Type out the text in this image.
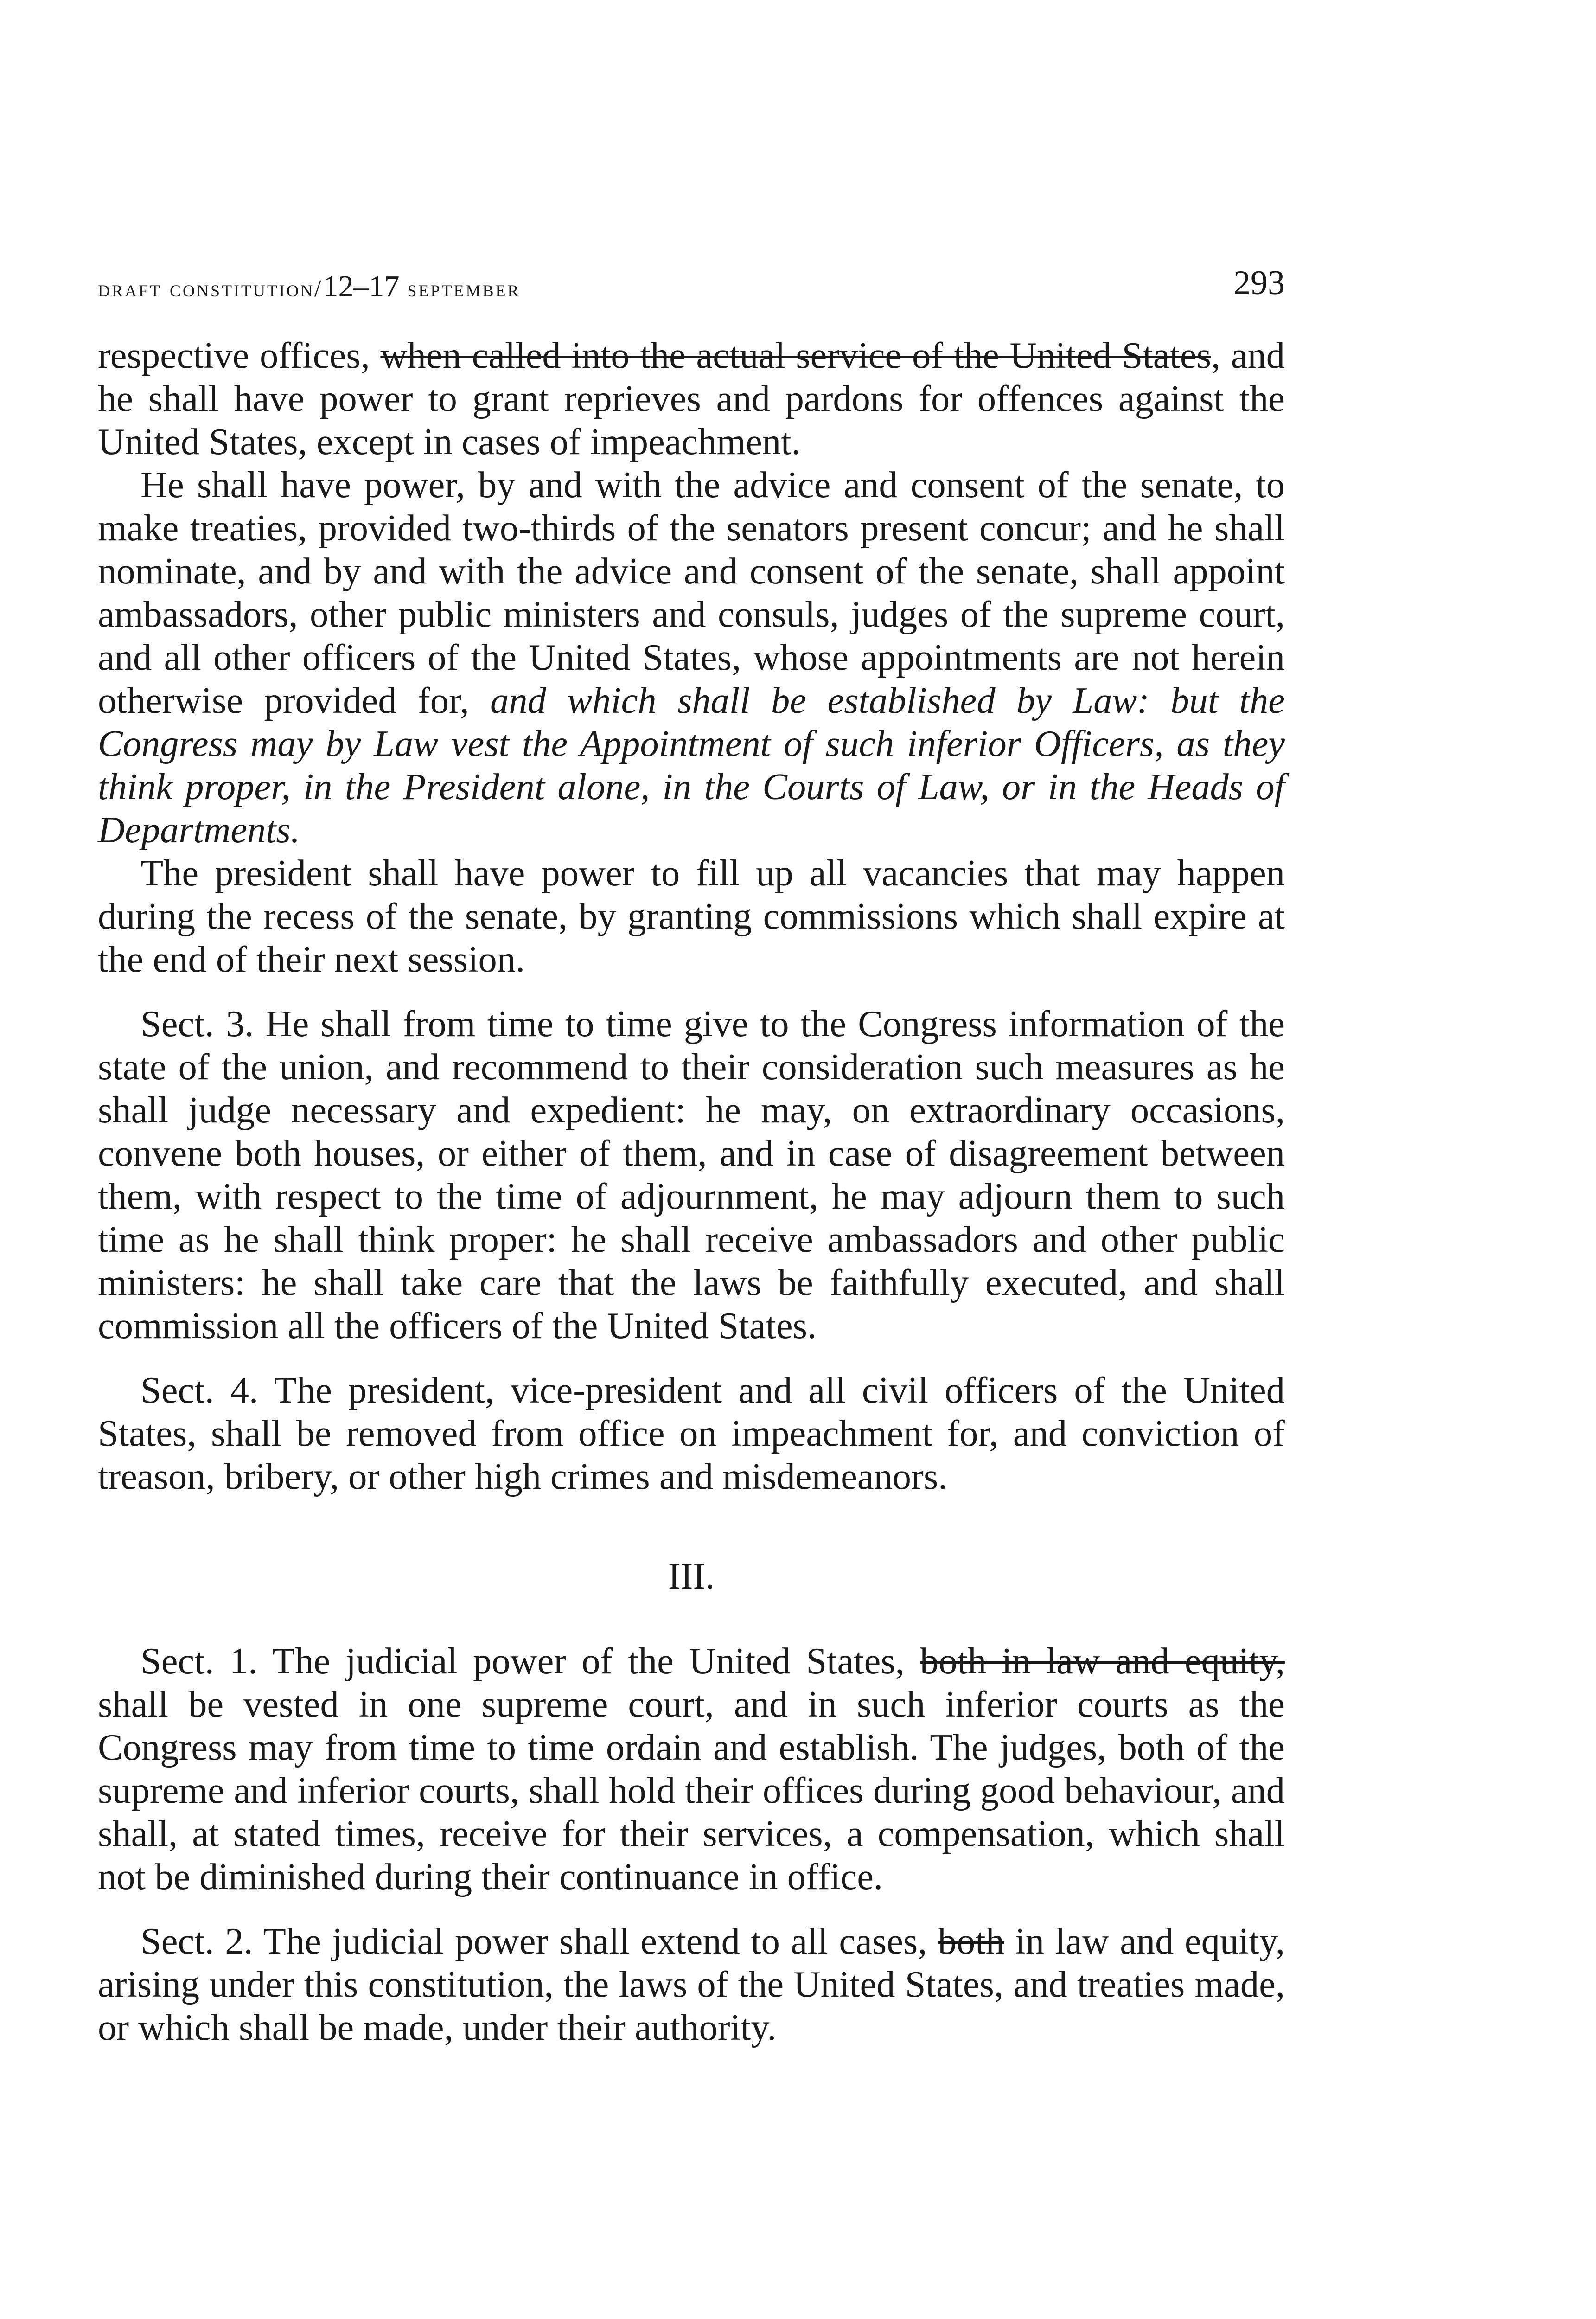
draft constitution/12–17 september	293

respective offices, when called into the actual service of the United States, and he shall have power to grant reprieves and pardons for offences against the United States, except in cases of impeachment.

He shall have power, by and with the advice and consent of the senate, to make treaties, provided two-thirds of the senators present concur; and he shall nominate, and by and with the advice and consent of the senate, shall appoint ambassadors, other public ministers and consuls, judges of the supreme court, and all other officers of the United States, whose appointments are not herein otherwise provided for, and which shall be established by Law: but the Congress may by Law vest the Appointment of such inferior Officers, as they think proper, in the President alone, in the Courts of Law, or in the Heads of Departments.

The president shall have power to fill up all vacancies that may happen during the recess of the senate, by granting commissions which shall expire at the end of their next session.

Sect. 3. He shall from time to time give to the Congress information of the state of the union, and recommend to their consideration such measures as he shall judge necessary and expedient: he may, on extraordinary occasions, convene both houses, or either of them, and in case of disagreement between them, with respect to the time of adjournment, he may adjourn them to such time as he shall think proper: he shall receive ambassadors and other public ministers: he shall take care that the laws be faithfully executed, and shall commission all the officers of the United States.

Sect. 4. The president, vice-president and all civil officers of the United States, shall be removed from office on impeachment for, and conviction of treason, bribery, or other high crimes and misdemeanors.

III.

Sect. 1. The judicial power of the United States, both in law and equity, shall be vested in one supreme court, and in such inferior courts as the Congress may from time to time ordain and establish. The judges, both of the supreme and inferior courts, shall hold their offices during good behaviour, and shall, at stated times, receive for their services, a compensation, which shall not be diminished during their continuance in office.

Sect. 2. The judicial power shall extend to all cases, both in law and equity, arising under this constitution, the laws of the United States, and treaties made, or which shall be made, under their authority.
